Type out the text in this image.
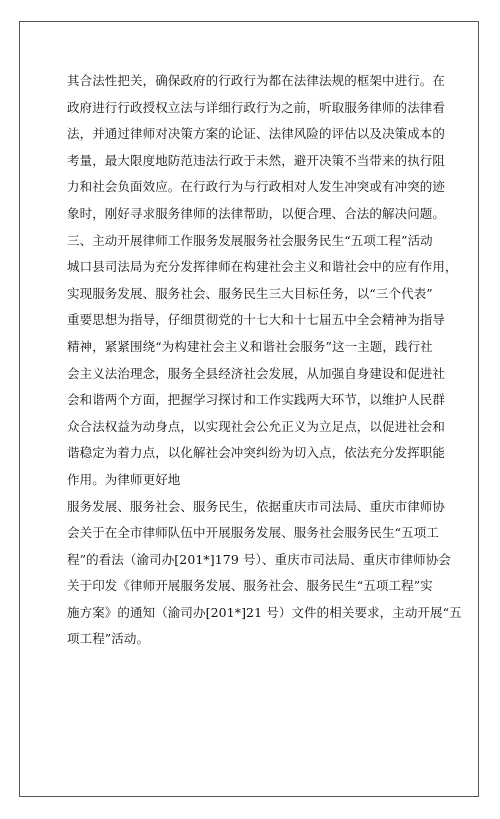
其合法性把关，确保政府的行政行为都在法律法规的框架中进行。在
政府进行行政授权立法与详细行政行为之前，听取服务律师的法律看
法，并通过律师对决策方案的论证、法律风险的评估以及决策成本的
考量，最大限度地防范违法行政于未然，避开决策不当带来的执行阻
力和社会负面效应。在行政行为与行政相对人发生冲突或有冲突的迹
象时，刚好寻求服务律师的法律帮助，以便合理、合法的解决问题。
三、主动开展律师工作服务发展服务社会服务民生“五项工程”活动
城口县司法局为充分发挥律师在构建社会主义和谐社会中的应有作用，
实现服务发展、服务社会、服务民生三大目标任务，以“三个代表”
重要思想为指导，仔细贯彻党的十七大和十七届五中全会精神为指导
精神，紧紧围绕“为构建社会主义和谐社会服务”这一主题，践行社
会主义法治理念，服务全县经济社会发展，从加强自身建设和促进社
会和谐两个方面，把握学习探讨和工作实践两大环节，以维护人民群
众合法权益为动身点，以实现社会公允正义为立足点，以促进社会和
谐稳定为着力点，以化解社会冲突纠纷为切入点，依法充分发挥职能
作用。为律师更好地
服务发展、服务社会、服务民生，依据重庆市司法局、重庆市律师协
会关于在全市律师队伍中开展服务发展、服务社会服务民生“五项工
程”的看法（渝司办[201*]179 号）、重庆市司法局、重庆市律师协会
关于印发《律师开展服务发展、服务社会、服务民生“五项工程”实
施方案》的通知（渝司办[201*]21 号）文件的相关要求，主动开展“五
项工程”活动。
